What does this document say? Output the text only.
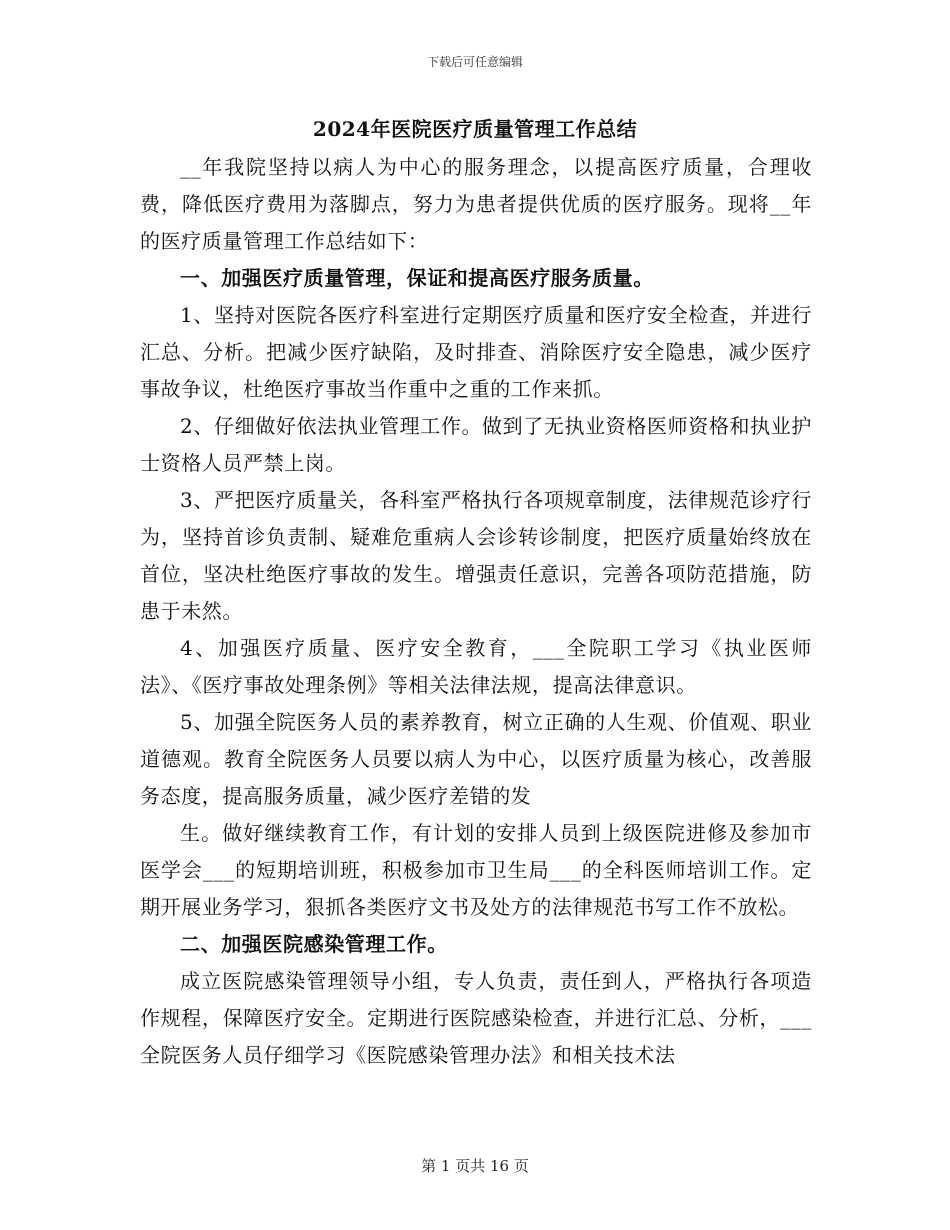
下载后可任意编辑
2024年医院医疗质量管理工作总结

__年我院坚持以病人为中心的服务理念，以提高医疗质量，合理收费，降低医疗费用为落脚点，努力为患者提供优质的医疗服务。现将__年的医疗质量管理工作总结如下：

一、加强医疗质量管理，保证和提高医疗服务质量。

1、坚持对医院各医疗科室进行定期医疗质量和医疗安全检查，并进行汇总、分析。把减少医疗缺陷，及时排查、消除医疗安全隐患，减少医疗事故争议，杜绝医疗事故当作重中之重的工作来抓。

2、仔细做好依法执业管理工作。做到了无执业资格医师资格和执业护士资格人员严禁上岗。

3、严把医疗质量关，各科室严格执行各项规章制度，法律规范诊疗行为，坚持首诊负责制、疑难危重病人会诊转诊制度，把医疗质量始终放在首位，坚决杜绝医疗事故的发生。增强责任意识，完善各项防范措施，防患于未然。

4、加强医疗质量、医疗安全教育，___全院职工学习《执业医师法》、《医疗事故处理条例》等相关法律法规，提高法律意识。

5、加强全院医务人员的素养教育，树立正确的人生观、价值观、职业道德观。教育全院医务人员要以病人为中心，以医疗质量为核心，改善服务态度，提高服务质量，减少医疗差错的发

生。做好继续教育工作，有计划的安排人员到上级医院进修及参加市医学会___的短期培训班，积极参加市卫生局___的全科医师培训工作。定期开展业务学习，狠抓各类医疗文书及处方的法律规范书写工作不放松。

二、加强医院感染管理工作。

成立医院感染管理领导小组，专人负责，责任到人，严格执行各项造作规程，保障医疗安全。定期进行医院感染检查，并进行汇总、分析，___全院医务人员仔细学习《医院感染管理办法》和相关技术法

第 1 页共 16 页
